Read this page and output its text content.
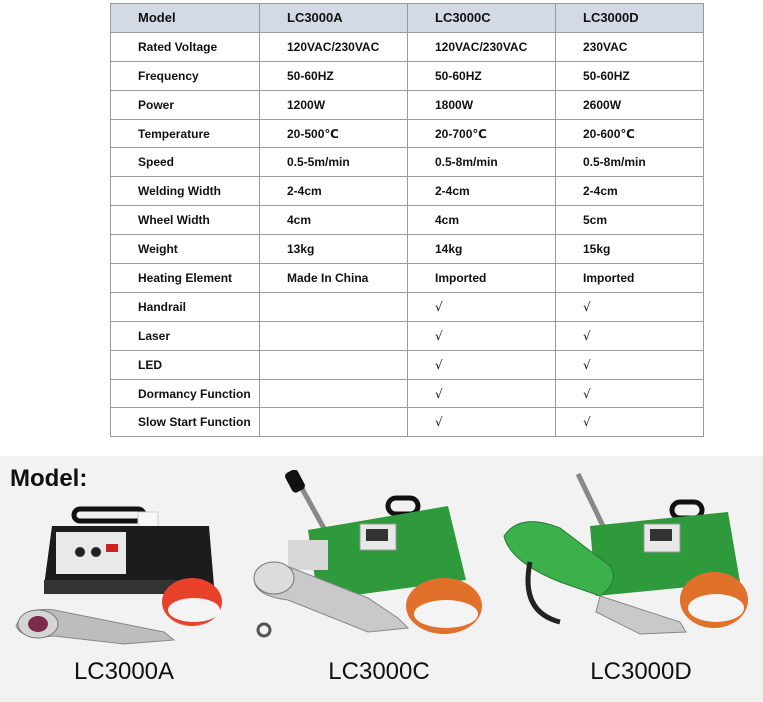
Model	LC3000A	LC3000C	LC3000D
Rated Voltage	120VAC/230VAC	120VAC/230VAC	230VAC
Frequency	50-60HZ	50-60HZ	50-60HZ
Power	1200W	1800W	2600W
Temperature	20-500℃	20-700℃	20-600℃
Speed	0.5-5m/min	0.5-8m/min	0.5-8m/min
Welding Width	2-4cm	2-4cm	2-4cm
Wheel Width	4cm	4cm	5cm
Weight	13kg	14kg	15kg
Heating Element	Made In China	Imported	Imported
Handrail		√	√
Laser		√	√
LED		√	√
Dormancy Function		√	√
Slow Start Function		√	√
Model:
LC3000A	LC3000C	LC3000D
